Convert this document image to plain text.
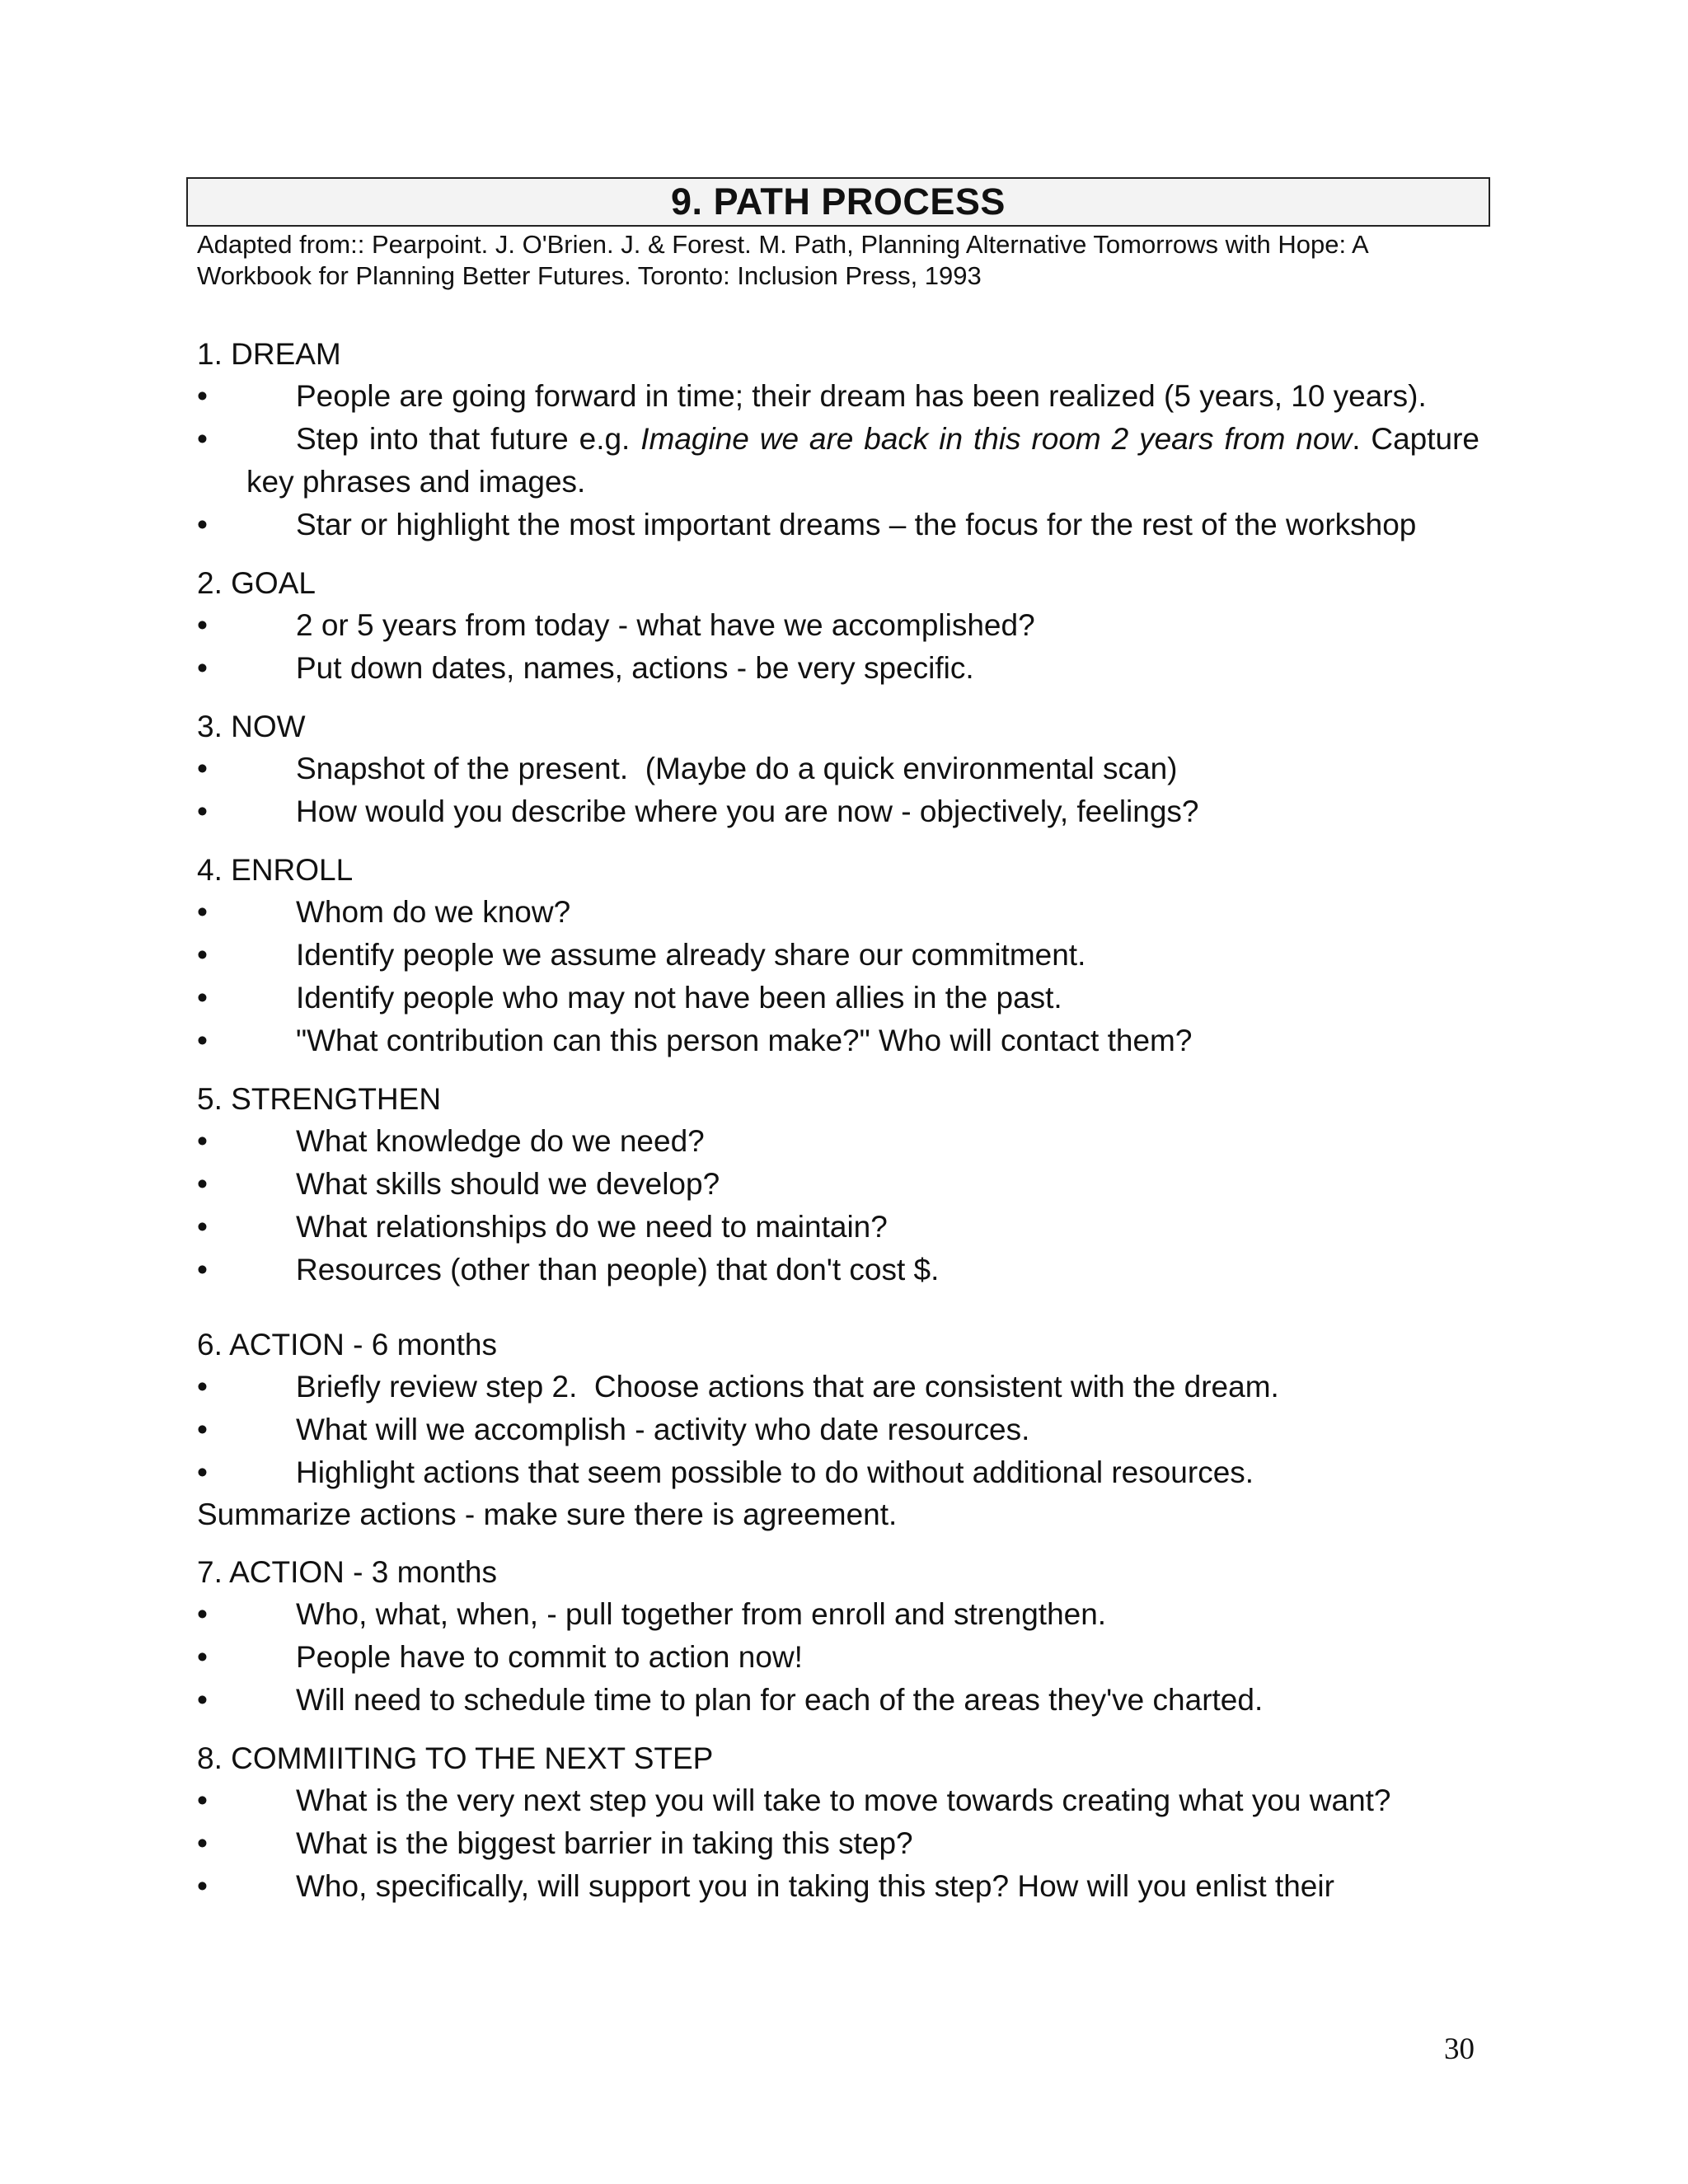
9. PATH PROCESS
Adapted from:: Pearpoint. J. O'Brien. J. & Forest. M. Path, Planning Alternative Tomorrows with Hope: A Workbook for Planning Better Futures. Toronto: Inclusion Press, 1993
1. DREAM
•	People are going forward in time; their dream has been realized (5 years, 10 years).
•	Step into that future e.g. Imagine we are back in this room 2 years from now. Capture key phrases and images.
•	Star or highlight the most important dreams – the focus for the rest of the workshop
2. GOAL
•	2 or 5 years from today - what have we accomplished?
•	Put down dates, names, actions - be very specific.
3. NOW
•	Snapshot of the present.  (Maybe do a quick environmental scan)
•	How would you describe where you are now - objectively, feelings?
4. ENROLL
•	Whom do we know?
•	Identify people we assume already share our commitment.
•	Identify people who may not have been allies in the past.
•	"What contribution can this person make?" Who will contact them?
5. STRENGTHEN
•	What knowledge do we need?
•	What skills should we develop?
•	What relationships do we need to maintain?
•	Resources (other than people) that don't cost $.
6. ACTION - 6 months
•	Briefly review step 2.  Choose actions that are consistent with the dream.
•	What will we accomplish - activity who date resources.
•	Highlight actions that seem possible to do without additional resources.
Summarize actions - make sure there is agreement.
7. ACTION - 3 months
•	Who, what, when, - pull together from enroll and strengthen.
•	People have to commit to action now!
•	Will need to schedule time to plan for each of the areas they've charted.
8. COMMIITING TO THE NEXT STEP
•	What is the very next step you will take to move towards creating what you want?
•	What is the biggest barrier in taking this step?
•	Who, specifically, will support you in taking this step? How will you enlist their
30
